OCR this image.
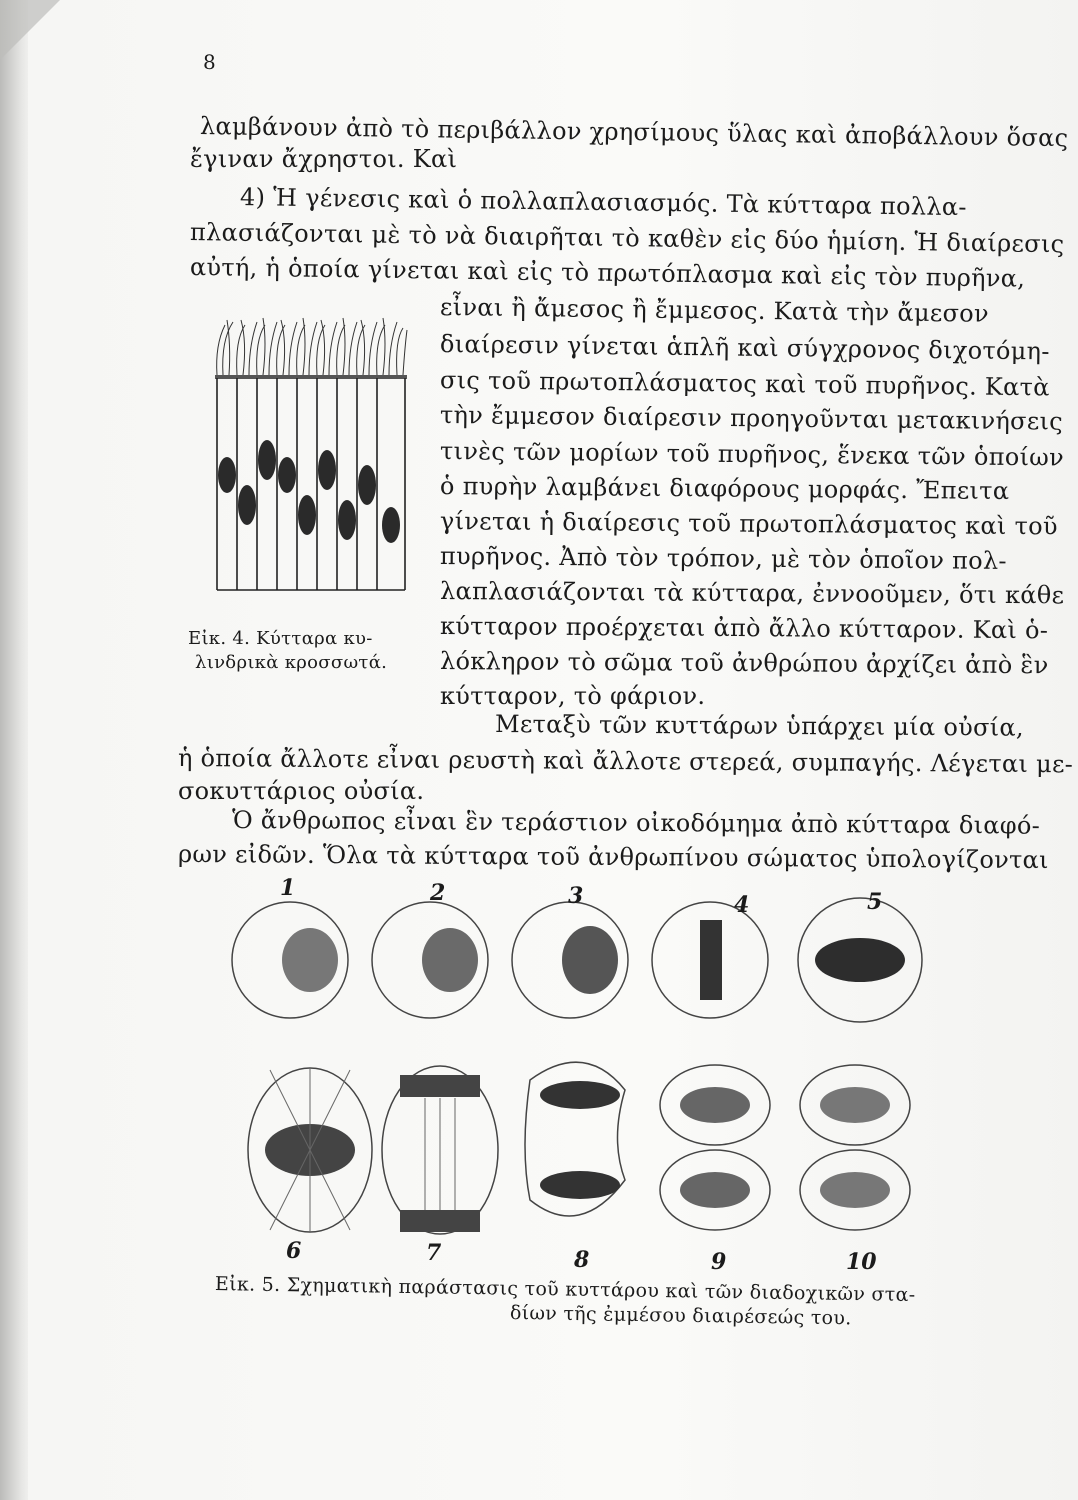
8
λαμβάνουν ἀπὸ τὸ περιβάλλον χρησίμους ὕλας καὶ ἀποβάλλουν ὅσας
ἔγιναν ἄχρηστοι. Καὶ
4) Ἡ γένεσις καὶ ὁ πολλαπλασιασμός. Τὰ κύτταρα πολλα-
πλασιάζονται μὲ τὸ νὰ διαιρῆται τὸ καθὲν εἰς δύο ἡμίση. Ἡ διαίρεσις
αὐτή, ἡ ὁποία γίνεται καὶ εἰς τὸ πρωτόπλασμα καὶ εἰς τὸν πυρῆνα,
εἶναι ἢ ἄμεσος ἢ ἔμμεσος. Κατὰ τὴν ἄμεσον
διαίρεσιν γίνεται ἁπλῆ καὶ σύγχρονος διχοτόμη-
σις τοῦ πρωτοπλάσματος καὶ τοῦ πυρῆνος. Κατὰ
τὴν ἔμμεσον διαίρεσιν προηγοῦνται μετακινήσεις
τινὲς τῶν μορίων τοῦ πυρῆνος, ἕνεκα τῶν ὁποίων
ὁ πυρὴν λαμβάνει διαφόρους μορφάς. Ἔπειτα
γίνεται ἡ διαίρεσις τοῦ πρωτοπλάσματος καὶ τοῦ
πυρῆνος. Ἀπὸ τὸν τρόπον, μὲ τὸν ὁποῖον πολ-
λαπλασιάζονται τὰ κύτταρα, ἐννοοῦμεν, ὅτι κάθε
κύτταρον προέρχεται ἀπὸ ἄλλο κύτταρον. Καὶ ὁ-
λόκληρον τὸ σῶμα τοῦ ἀνθρώπου ἀρχίζει ἀπὸ ἓν
κύτταρον, τὸ φάριον.
Μεταξὺ τῶν κυττάρων ὑπάρχει μία οὐσία,
ἡ ὁποία ἄλλοτε εἶναι ρευστὴ καὶ ἄλλοτε στερεά, συμπαγής. Λέγεται με-
σοκυττάριος οὐσία.
Ὁ ἄνθρωπος εἶναι ἓν τεράστιον οἰκοδόμημα ἀπὸ κύτταρα διαφό-
ρων εἰδῶν. Ὅλα τὰ κύτταρα τοῦ ἀνθρωπίνου σώματος ὑπολογίζονται
Εἰκ. 4. Κύτταρα κυ-
λινδρικὰ κροσσωτά.
1	2	3	4	5
6	7	8	9	10
Εἰκ. 5. Σχηματικὴ παράστασις τοῦ κυττάρου καὶ τῶν διαδοχικῶν στα-
δίων τῆς ἐμμέσου διαιρέσεώς του.
